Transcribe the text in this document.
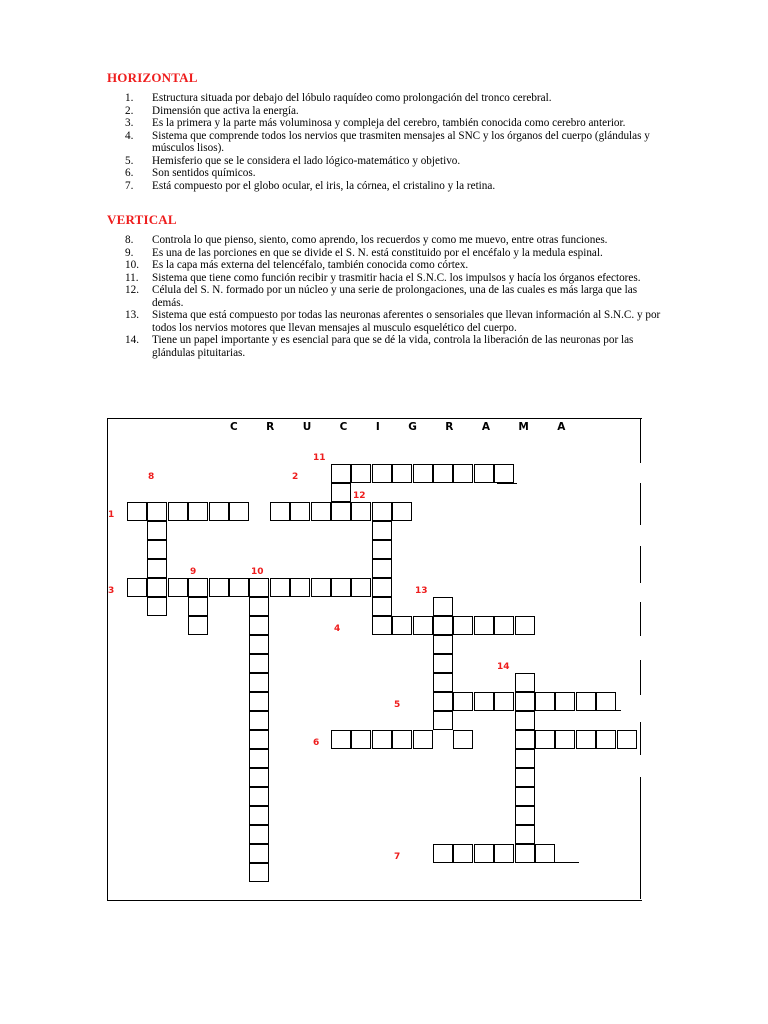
HORIZONTAL
1.	Estructura situada por debajo del lóbulo raquídeo como prolongación del tronco cerebral.
2.	Dimensión que activa la energía.
3.	Es la primera y la parte más voluminosa y compleja del cerebro, también conocida como cerebro anterior.
4.	Sistema que comprende todos los nervios que trasmiten mensajes al SNC y los órganos del cuerpo (glándulas y músculos lisos).
5.	Hemisferio que se le considera el lado lógico-matemático y objetivo.
6.	Son sentidos químicos.
7.	Está compuesto por el globo ocular, el iris, la córnea, el cristalino y la retina.
VERTICAL
8.	Controla lo que pienso, siento, como aprendo, los recuerdos y como me muevo, entre otras funciones.
9.	Es una de las porciones en que se divide el S. N. está constituido por el encéfalo y la medula espinal.
10.	Es la capa más externa del telencéfalo, también conocida como córtex.
11.	Sistema que tiene como función recibir y trasmitir hacia el S.N.C. los impulsos y hacía los órganos efectores.
12.	Célula del S. N. formado por un núcleo y una serie de prolongaciones, una de las cuales es más larga que las demás.
13.	Sistema que está compuesto por todas las neuronas aferentes o sensoriales que llevan información al S.N.C. y por todos los nervios motores que llevan mensajes al musculo esquelético del cuerpo.
14.	Tiene un papel importante y es esencial para que se dé la vida, controla la liberación de las neuronas por las glándulas pituitarias.
C R U C I G R A M A
11
8	2
12
1
9	10
3	13
4
14
5
6
7
